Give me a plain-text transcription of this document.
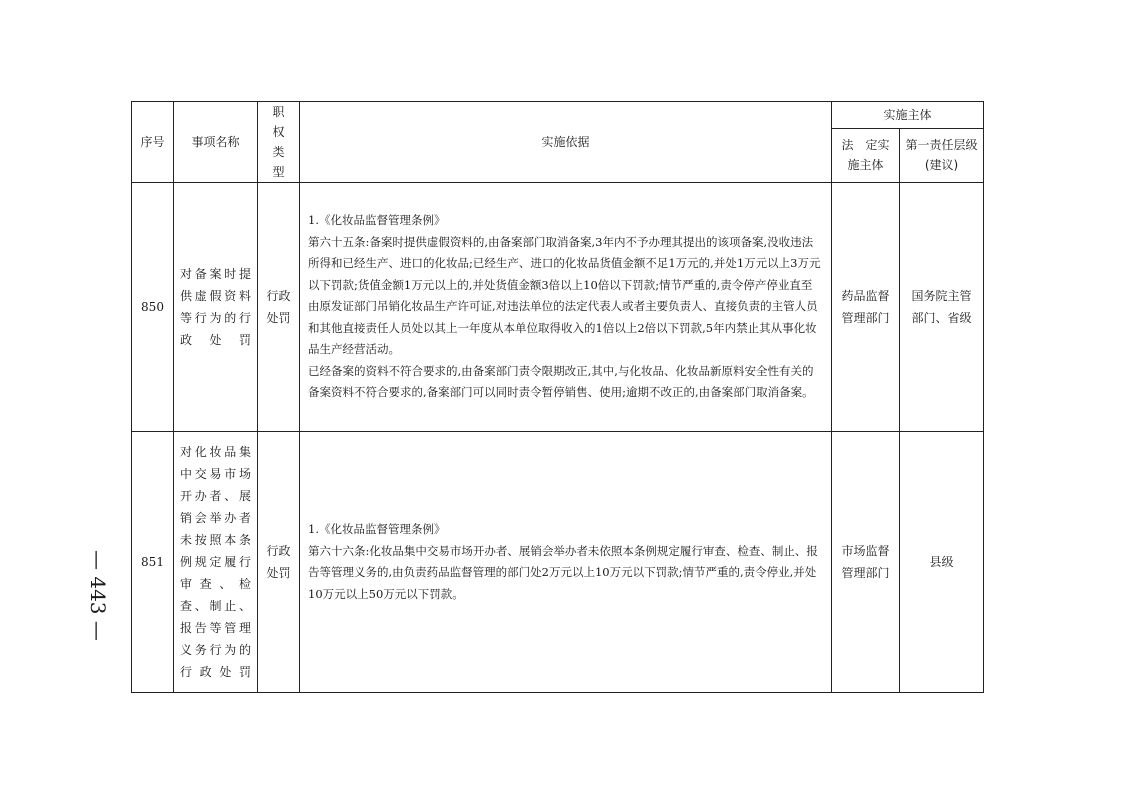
— 443 —
序号	事项名称	职权类型	实施依据	实施主体	
				法　定实施主体	第一责任层级(建议)
850	对备案时提供虚假资料等行为的行政处罚	行政处罚	1.《化妆品监督管理条例》

第六十五条:备案时提供虚假资料的,由备案部门取消备案,3年内不予办理其提出的该项备案,没收违法所得和已经生产、进口的化妆品;已经生产、进口的化妆品货值金额不足1万元的,并处1万元以上3万元以下罚款;货值金额1万元以上的,并处货值金额3倍以上10倍以下罚款;情节严重的,责令停产停业直至由原发证部门吊销化妆品生产许可证,对违法单位的法定代表人或者主要负责人、直接负责的主管人员和其他直接责任人员处以其上一年度从本单位取得收入的1倍以上2倍以下罚款,5年内禁止其从事化妆品生产经营活动。

已经备案的资料不符合要求的,由备案部门责令限期改正,其中,与化妆品、化妆品新原料安全性有关的备案资料不符合要求的,备案部门可以同时责令暂停销售、使用;逾期不改正的,由备案部门取消备案。	药品监督管理部门	国务院主管部门、省级
851	对化妆品集中交易市场开办者、展销会举办者未按照本条例规定履行审查、检查、制止、报告等管理义务行为的行政处罚	行政处罚	1.《化妆品监督管理条例》

第六十六条:化妆品集中交易市场开办者、展销会举办者未依照本条例规定履行审查、检查、制止、报告等管理义务的,由负责药品监督管理的部门处2万元以上10万元以下罚款;情节严重的,责令停业,并处10万元以上50万元以下罚款。	市场监督管理部门	县级
